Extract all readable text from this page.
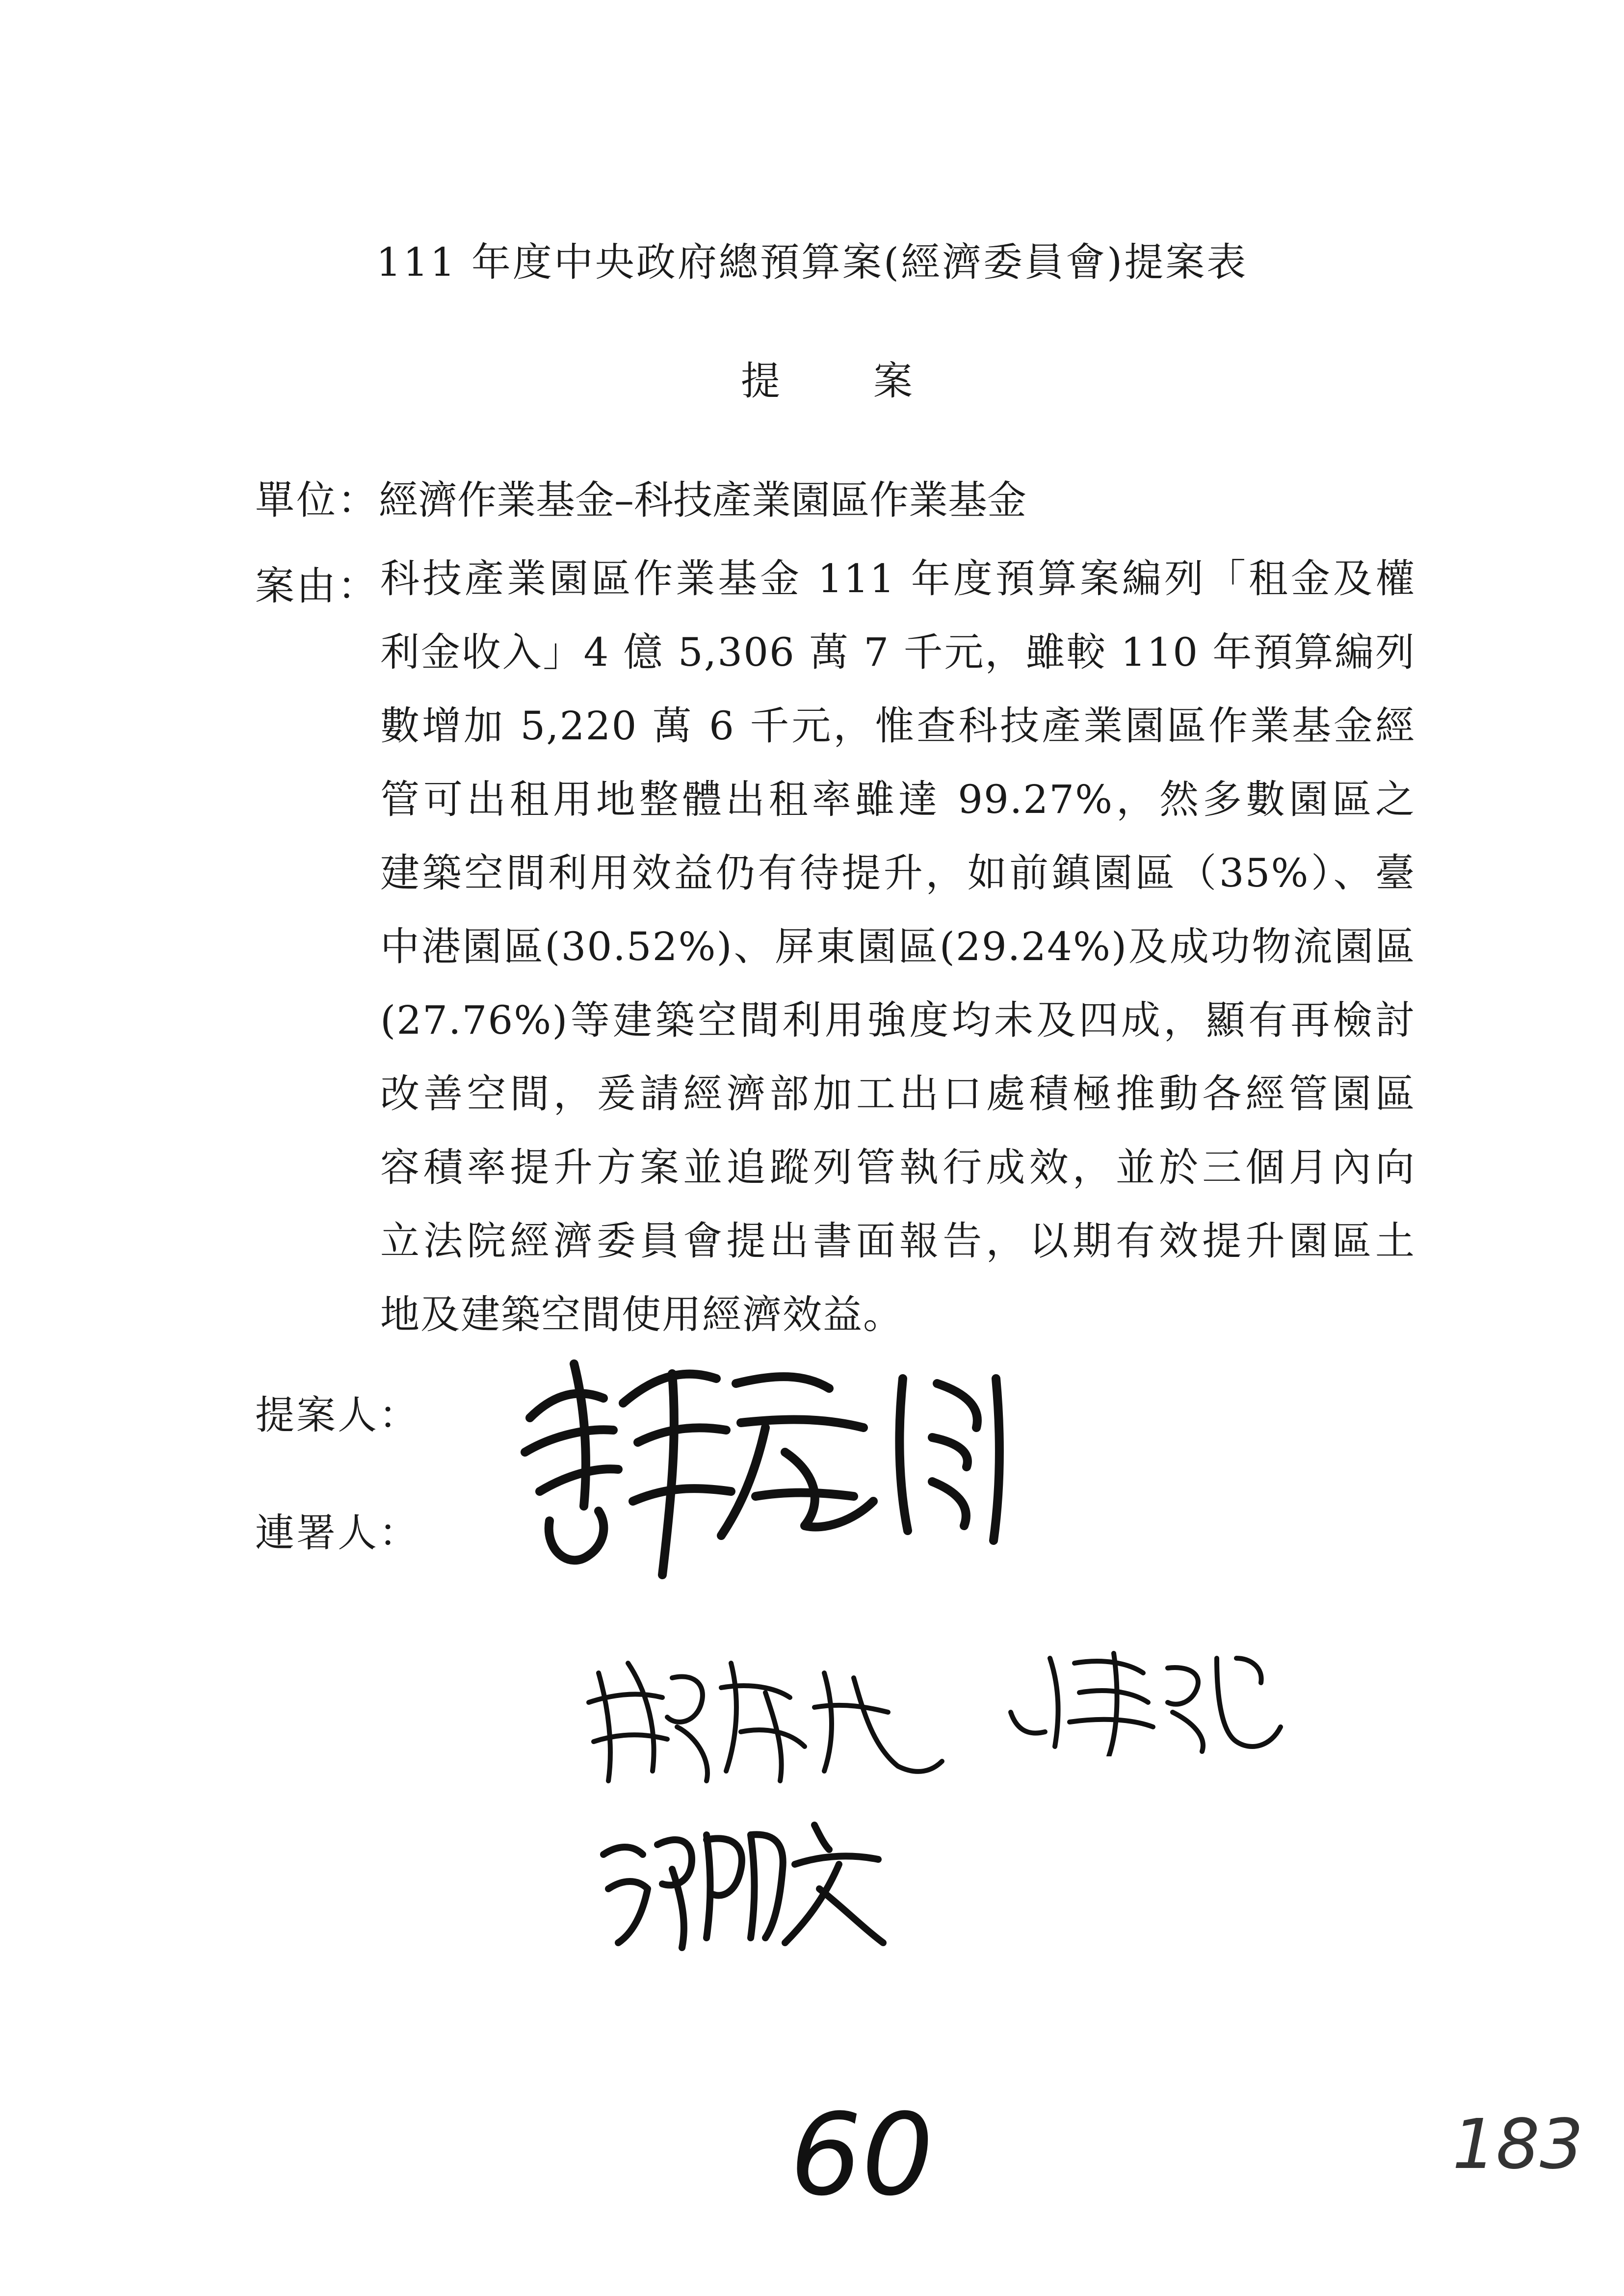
111 年度中央政府總預算案(經濟委員會)提案表
提案
單位：經濟作業基金–科技產業園區作業基金
案由： 科技產業園區作業基金 111 年度預算案編列「租金及權
利金收入」4 億 5,306 萬 7 千元，雖較 110 年預算編列
數增加 5,220 萬 6 千元，惟查科技產業園區作業基金經
管可出租用地整體出租率雖達 99.27%，然多數園區之
建築空間利用效益仍有待提升，如前鎮園區（35%）、臺
中港園區(30.52%)、屏東園區(29.24%)及成功物流園區
(27.76%)等建築空間利用強度均未及四成，顯有再檢討
改善空間，爰請經濟部加工出口處積極推動各經管園區
容積率提升方案並追蹤列管執行成效，並於三個月內向
立法院經濟委員會提出書面報告，以期有效提升園區土
地及建築空間使用經濟效益。
提案人：
連署人：
60	183
